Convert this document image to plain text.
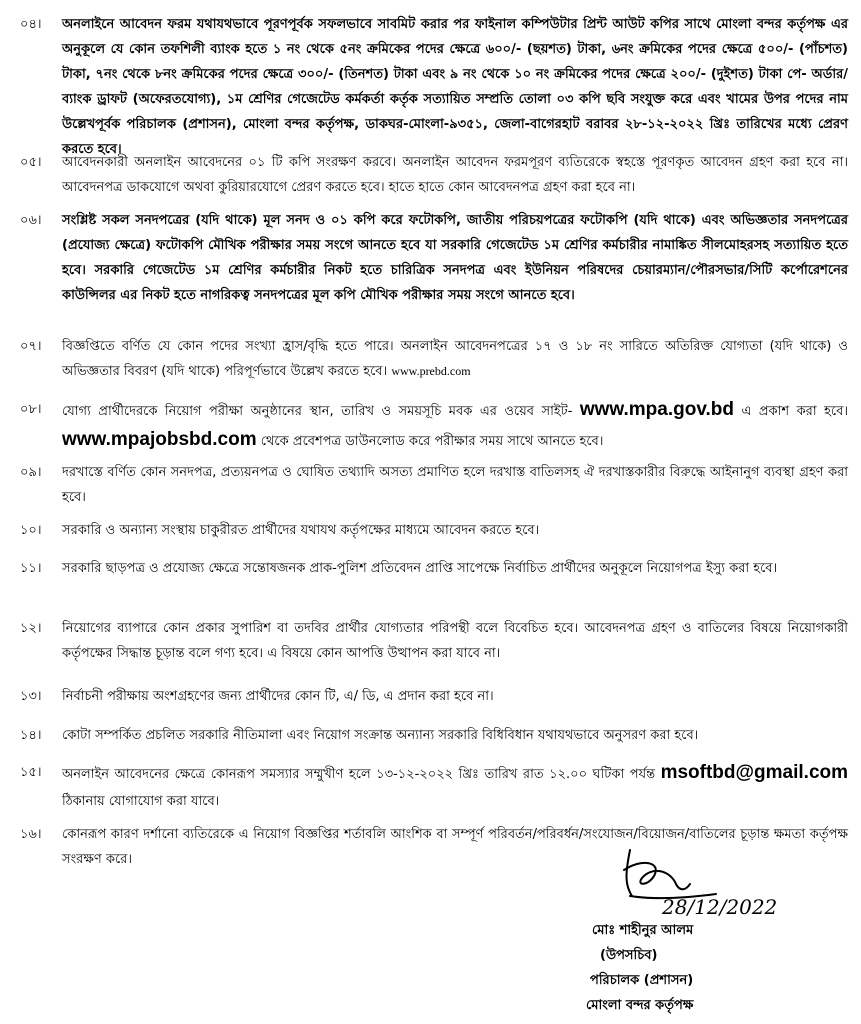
০৪।	অনলাইনে আবেদন ফরম যথাযথভাবে পূরণপূর্বক সফলভাবে সাবমিট করার পর ফাইনাল কম্পিউটার প্রিন্ট আউট কপির সাথে মোংলা বন্দর কর্তৃপক্ষ এর অনুকূলে যে কোন তফশিলী ব্যাংক হতে ১ নং থেকে ৫নং ক্রমিকের পদের ক্ষেত্রে ৬০০/- (ছয়শত) টাকা, ৬নং ক্রমিকের পদের ক্ষেত্রে ৫০০/- (পাঁচশত) টাকা, ৭নং থেকে ৮নং ক্রমিকের পদের ক্ষেত্রে ৩০০/- (তিনশত) টাকা এবং ৯ নং থেকে ১০ নং ক্রমিকের পদের ক্ষেত্রে ২০০/- (দুইশত) টাকা পে- অর্ডার/ব্যাংক ড্রাফট (অফেরতযোগ্য), ১ম শ্রেণির গেজেটেড কর্মকর্তা কর্তৃক সত্যায়িত সম্প্রতি তোলা ০৩ কপি ছবি সংযুক্ত করে এবং খামের উপর পদের নাম উল্লেখপূর্বক পরিচালক (প্রশাসন), মোংলা বন্দর কর্তৃপক্ষ, ডাকঘর-মোংলা-৯৩৫১, জেলা-বাগেরহাট বরাবর ২৮-১২-২০২২ খ্রিঃ তারিখের মধ্যে প্রেরণ করতে হবে।
০৫।	আবেদনকারী অনলাইন আবেদনের ০১ টি কপি সংরক্ষণ করবে। অনলাইন আবেদন ফরমপূরণ ব্যতিরেকে স্বহস্তে পূরণকৃত আবেদন গ্রহণ করা হবে না। আবেদনপত্র ডাকযোগে অথবা কুরিয়ারযোগে প্রেরণ করতে হবে। হাতে হাতে কোন আবেদনপত্র গ্রহণ করা হবে না।
০৬।	সংশ্লিষ্ট সকল সনদপত্রের (যদি থাকে) মূল সনদ ও ০১ কপি করে ফটোকপি, জাতীয় পরিচয়পত্রের ফটোকপি (যদি থাকে) এবং অভিজ্ঞতার সনদপত্রের (প্রযোজ্য ক্ষেত্রে) ফটোকপি মৌখিক পরীক্ষার সময় সংগে আনতে হবে যা সরকারি গেজেটেড ১ম শ্রেণির কর্মচারীর নামাঙ্কিত সীলমোহরসহ সত্যায়িত হতে হবে। সরকারি গেজেটেড ১ম শ্রেণির কর্মচারীর নিকট হতে চারিত্রিক সনদপত্র এবং ইউনিয়ন পরিষদের চেয়ারম্যান/পৌরসভার/সিটি কর্পোরেশনের কাউন্সিলর এর নিকট হতে নাগরিকত্ব সনদপত্রের মূল কপি মৌখিক পরীক্ষার সময় সংগে আনতে হবে।
০৭।	বিজ্ঞপ্তিতে বর্ণিত যে কোন পদের সংখ্যা হ্রাস/বৃদ্ধি হতে পারে। অনলাইন আবেদনপত্রের ১৭ ও ১৮ নং সারিতে অতিরিক্ত যোগ্যতা (যদি থাকে) ও অভিজ্ঞতার বিবরণ (যদি থাকে) পরিপূর্ণভাবে উল্লেখ করতে হবে। www.prebd.com
০৮।	যোগ্য প্রার্থীদেরকে নিয়োগ পরীক্ষা অনুষ্ঠানের স্থান, তারিখ ও সময়সূচি মবক এর ওয়েব সাইট- www.mpa.gov.bd এ প্রকাশ করা হবে। www.mpajobsbd.com থেকে প্রবেশপত্র ডাউনলোড করে পরীক্ষার সময় সাথে আনতে হবে।
০৯।	দরখাস্তে বর্ণিত কোন সনদপত্র, প্রত্যয়নপত্র ও ঘোষিত তথ্যাদি অসত্য প্রমাণিত হলে দরখাস্ত বাতিলসহ ঐ দরখাস্তকারীর বিরুদ্ধে আইনানুগ ব্যবস্থা গ্রহণ করা হবে।
১০।	সরকারি ও অন্যান্য সংস্থায় চাকুরীরত প্রার্থীদের যথাযথ কর্তৃপক্ষের মাধ্যমে আবেদন করতে হবে।
১১।	সরকারি ছাড়পত্র ও প্রযোজ্য ক্ষেত্রে সন্তোষজনক প্রাক-পুলিশ প্রতিবেদন প্রাপ্তি সাপেক্ষে নির্বাচিত প্রার্থীদের অনুকূলে নিয়োগপত্র ইস্যু করা হবে।
১২।	নিয়োগের ব্যাপারে কোন প্রকার সুপারিশ বা তদবির প্রার্থীর যোগ্যতার পরিপন্থী বলে বিবেচিত হবে। আবেদনপত্র গ্রহণ ও বাতিলের বিষয়ে নিয়োগকারী কর্তৃপক্ষের সিদ্ধান্ত চূড়ান্ত বলে গণ্য হবে। এ বিষয়ে কোন আপত্তি উত্থাপন করা যাবে না।
১৩।	নির্বাচনী পরীক্ষায় অংশগ্রহণের জন্য প্রার্থীদের কোন টি, এ/ ডি, এ প্রদান করা হবে না।
১৪।	কোটা সম্পর্কিত প্রচলিত সরকারি নীতিমালা এবং নিয়োগ সংক্রান্ত অন্যান্য সরকারি বিধিবিধান যথাযথভাবে অনুসরণ করা হবে।
১৫।	অনলাইন আবেদনের ক্ষেত্রে কোনরূপ সমস্যার সম্মুখীণ হলে ১৩-১২-২০২২ খ্রিঃ তারিখ রাত ১২.০০ ঘটিকা পর্যন্ত msoftbd@gmail.com ঠিকানায় যোগাযোগ করা যাবে।
১৬।	কোনরূপ কারণ দর্শানো ব্যতিরেকে এ নিয়োগ বিজ্ঞপ্তির শর্তাবলি আংশিক বা সম্পূর্ণ পরিবর্তন/পরিবর্ধন/সংযোজন/বিয়োজন/বাতিলের চূড়ান্ত ক্ষমতা কর্তৃপক্ষ সংরক্ষণ করে।
28/12/2022
মোঃ শাহীনুর আলম
(উপসচিব)
পরিচালক (প্রশাসন)
মোংলা বন্দর কর্তৃপক্ষ
